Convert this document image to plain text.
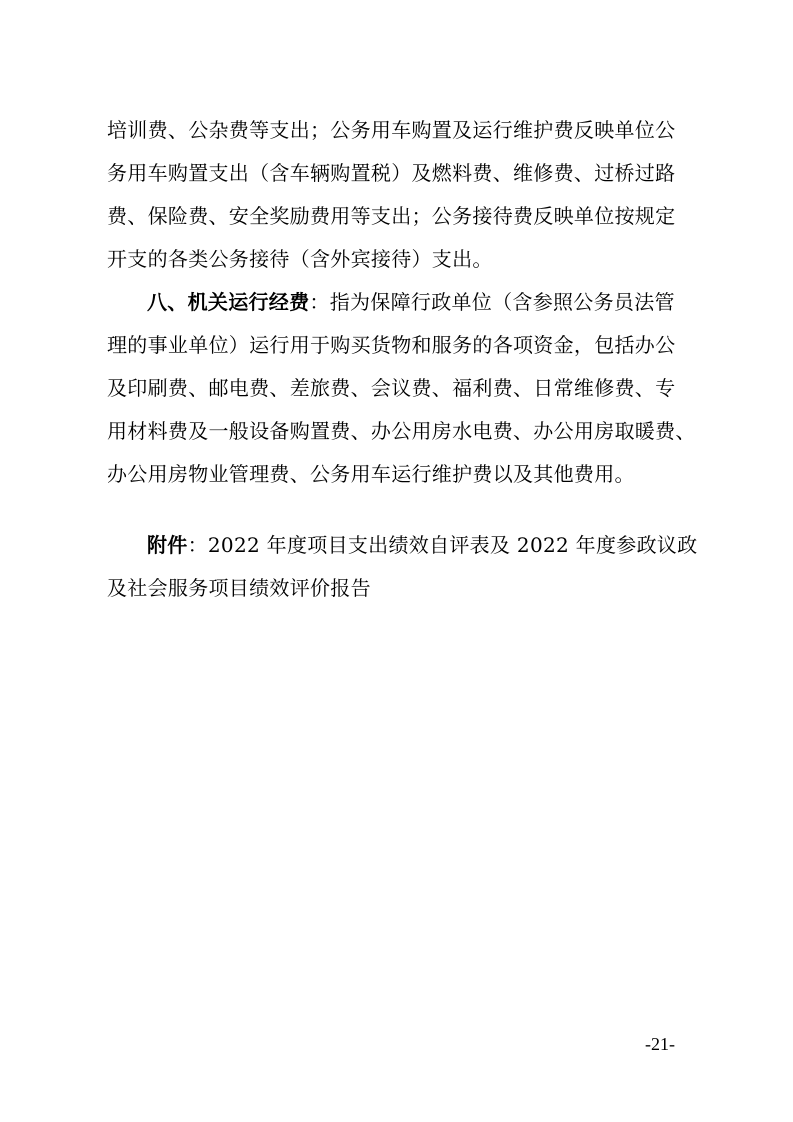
培训费、公杂费等支出；公务用车购置及运行维护费反映单位公
务用车购置支出（含车辆购置税）及燃料费、维修费、过桥过路
费、保险费、安全奖励费用等支出；公务接待费反映单位按规定
开支的各类公务接待（含外宾接待）支出。
八、机关运行经费：指为保障行政单位（含参照公务员法管
理的事业单位）运行用于购买货物和服务的各项资金，包括办公
及印刷费、邮电费、差旅费、会议费、福利费、日常维修费、专
用材料费及一般设备购置费、办公用房水电费、办公用房取暖费、
办公用房物业管理费、公务用车运行维护费以及其他费用。
附件：2022 年度项目支出绩效自评表及 2022 年度参政议政
及社会服务项目绩效评价报告
-21-
